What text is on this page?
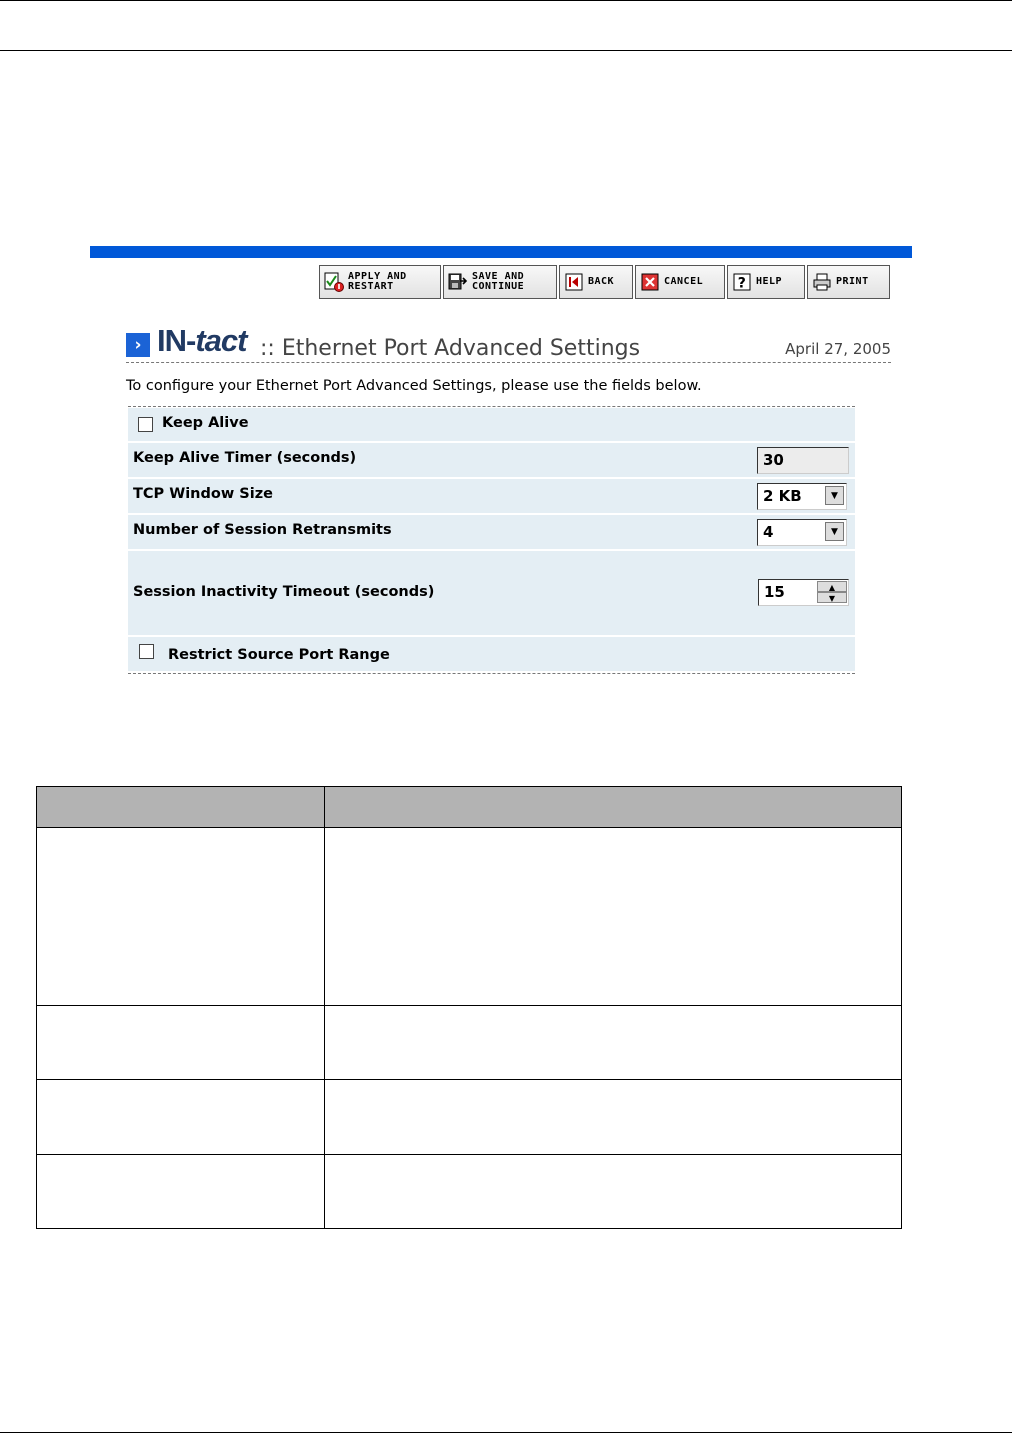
APPLY AND
RESTART
SAVE AND
CONTINUE	BACK	CANCEL ? HELP	PRINT
› IN-tact :: Ethernet Port Advanced Settings	April 27, 2005
To configure your Ethernet Port Advanced Settings, please use the fields below.
Keep Alive
Keep Alive Timer (seconds)	30
TCP Window Size	2 KB	▼
Number of Session Retransmits	4	▼
Session Inactivity Timeout (seconds)	15	▲
▼
Restrict Source Port Range
